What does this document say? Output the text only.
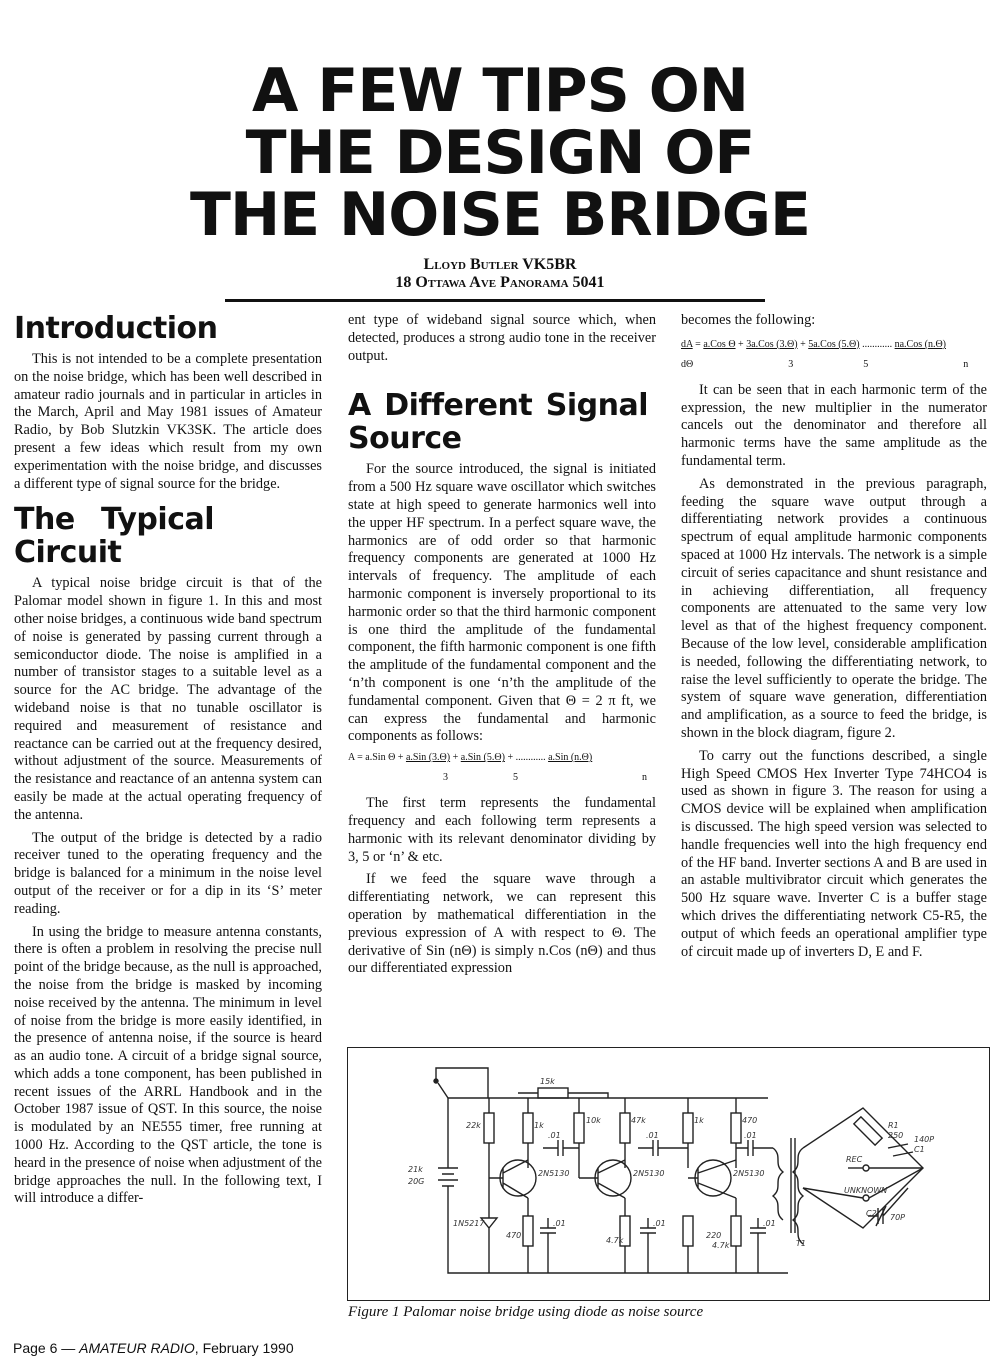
A FEW TIPS ON
THE DESIGN OF
THE NOISE BRIDGE
Lloyd Butler VK5BR
18 Ottawa Ave Panorama 5041
Introduction

This is not intended to be a complete presentation on the noise bridge, which has been well described in amateur radio journals and in particular in articles in the March, April and May 1981 issues of Amateur Radio, by Bob Slutzkin VK3SK. The article does present a few ideas which result from my own experimentation with the noise bridge, and discusses a different type of signal source for the bridge.

The Typical Circuit

A typical noise bridge circuit is that of the Palomar model shown in figure 1. In this and most other noise bridges, a continuous wide band spectrum of noise is generated by passing current through a semiconductor diode. The noise is amplified in a number of transistor stages to a suitable level as a source for the AC bridge. The advantage of the wideband noise is that no tunable oscillator is required and measurement of resistance and reactance can be carried out at the frequency desired, without adjustment of the source. Measurements of the resistance and reactance of an antenna system can easily be made at the actual operating frequency of the antenna.

The output of the bridge is detected by a radio receiver tuned to the operating frequency and the bridge is balanced for a minimum in the noise level output of the receiver or for a dip in its ‘S’ meter reading.

In using the bridge to measure antenna constants, there is often a problem in resolving the precise null point of the bridge because, as the null is approached, the noise from the bridge is masked by incoming noise received by the antenna. The minimum in level of noise from the bridge is more easily identified, in the presence of antenna noise, if the source is heard as an audio tone. A circuit of a bridge signal source, which adds a tone component, has been published in recent issues of the ARRL Handbook and in the October 1987 issue of QST. In this source, the noise is modulated by an NE555 timer, free running at 1000 Hz. According to the QST article, the tone is heard in the presence of noise when adjustment of the bridge approaches the null. In the following text, I will introduce a differ-

ent type of wideband signal source which, when detected, produces a strong audio tone in the receiver output.

A Different Signal Source

For the source introduced, the signal is initiated from a 500 Hz square wave oscillator which switches state at high speed to generate harmonics well into the upper HF spectrum. In a perfect square wave, the harmonics are of odd order so that harmonic frequency components are generated at 1000 Hz intervals of frequency. The amplitude of each harmonic component is inversely proportional to its harmonic order so that the third harmonic component is one third the amplitude of the fundamental component, the fifth harmonic component is one fifth the amplitude of the fundamental component and the ‘n’th component is one ‘n’th the amplitude of the fundamental component. Given that Θ = 2 π ft, we can express the fundamental and harmonic components as follows:

A = a.Sin Θ + a.Sin (3.Θ) + a.Sin (5.Θ) + ............ a.Sin (n.Θ)
3	5	n

The first term represents the fundamental frequency and each following term represents a harmonic with its relevant denominator dividing by 3, 5 or ‘n’ & etc.

If we feed the square wave through a differentiating network, we can represent this operation by mathematical differentiation in the previous expression of A with respect to Θ. The derivative of Sin (nΘ) is simply n.Cos (nΘ) and thus our differentiated expression

becomes the following:

dA = a.Cos Θ + 3a.Cos (3.Θ) + 5a.Cos (5.Θ) ............ na.Cos (n.Θ)
dΘ	3	5	n

It can be seen that in each harmonic term of the expression, the new multiplier in the numerator cancels out the denominator and therefore all harmonic terms have the same amplitude as the fundamental term.

As demonstrated in the previous paragraph, feeding the square wave output through a differentiating network provides a continuous spectrum of equal amplitude harmonic components spaced at 1000 Hz intervals. The network is a simple circuit of series capacitance and shunt resistance and in achieving differentiation, all frequency components are attenuated to the same very low level as that of the highest frequency component. Because of the low level, considerable amplification is needed, following the differentiating network, to raise the level sufficiently to operate the bridge. The system of square wave generation, differentiation and amplification, as a source to feed the bridge, is shown in the block diagram, figure 2.

To carry out the functions described, a single High Speed CMOS Hex Inverter Type 74HCO4 is used as shown in figure 3. The reason for using a CMOS device will be explained when amplification is discussed. The high speed version was selected to handle frequencies well into the high frequency end of the HF band. Inverter sections A and B are used in an astable multivibrator circuit which generates the 500 Hz square wave. Inverter C is a buffer stage which drives the differentiating network C5-R5, the output of which feeds an operational amplifier type of circuit made up of inverters D, E and F.

15k
22k	1k
10k	47k	1k	470
.01	.01	.01
2N5130	2N5130	2N5130
21k
20G
1N5217
470
4.7k
220
4.7k
.01	.01	.01
T1
R1
250 140P
C1
REC
UNKNOWN
C2 70P
Figure 1 Palomar noise bridge using diode as noise source
Page 6 — AMATEUR RADIO, February 1990
